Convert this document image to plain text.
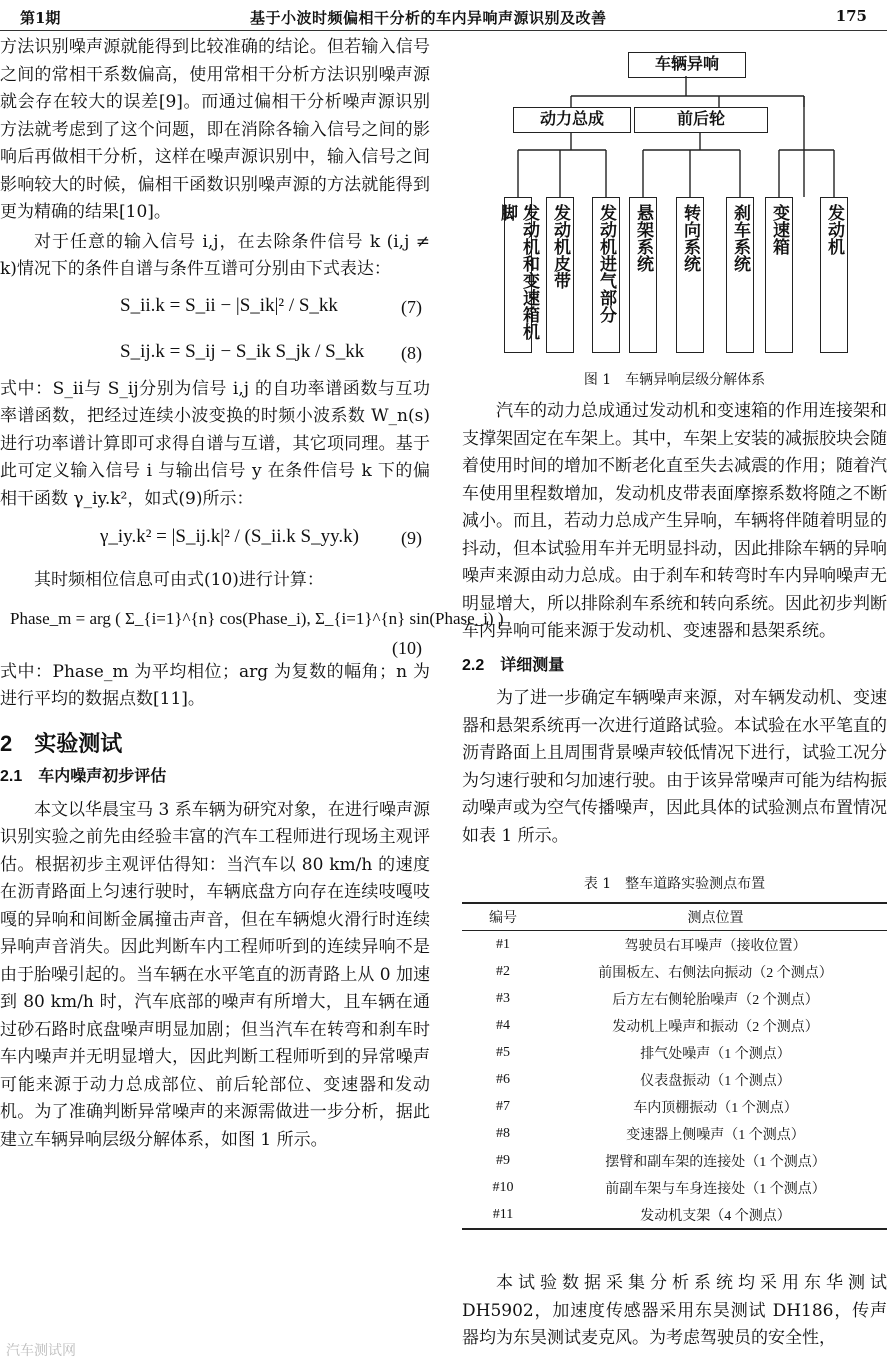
第1期	基于小波时频偏相干分析的车内异响声源识别及改善	175

方法识别噪声源就能得到比较准确的结论。但若输入信号之间的常相干系数偏高，使用常相干分析方法识别噪声源就会存在较大的误差[9]。而通过偏相干分析噪声源识别方法就考虑到了这个问题，即在消除各输入信号之间的影响后再做相干分析，这样在噪声源识别中，输入信号之间影响较大的时候，偏相干函数识别噪声源的方法就能得到更为精确的结果[10]。

对于任意的输入信号 i,j，在去除条件信号 k (i,j ≠ k)情况下的条件自谱与条件互谱可分别由下式表达：

S_ii.k = S_ii − |S_ik|² / S_kk	(7)
S_ij.k = S_ij − S_ik S_jk / S_kk (8)

式中：S_ii与 S_ij分别为信号 i,j 的自功率谱函数与互功率谱函数，把经过连续小波变换的时频小波系数 W_n(s) 进行功率谱计算即可求得自谱与互谱，其它项同理。基于此可定义输入信号 i 与输出信号 y 在条件信号 k 下的偏相干函数 γ_iy.k²，如式(9)所示：

γ_iy.k² = |S_ij.k|² / (S_ii.k S_yy.k) (9)

其时频相位信息可由式(10)进行计算：

Phase_m = arg ( Σ_{i=1}^{n} cos(Phase_i), Σ_{i=1}^{n} sin(Phase_i) )
(10)

式中：Phase_m 为平均相位；arg 为复数的幅角；n 为进行平均的数据点数[11]。

2　实验测试
2.1　车内噪声初步评估

本文以华晨宝马 3 系车辆为研究对象，在进行噪声源识别实验之前先由经验丰富的汽车工程师进行现场主观评估。根据初步主观评估得知：当汽车以 80 km/h 的速度在沥青路面上匀速行驶时，车辆底盘方向存在连续吱嘎吱嘎的异响和间断金属撞击声音，但在车辆熄火滑行时连续异响声音消失。因此判断车内工程师听到的连续异响不是由于胎噪引起的。当车辆在水平笔直的沥青路上从 0 加速到 80 km/h 时，汽车底部的噪声有所增大，且车辆在通过砂石路时底盘噪声明显加剧；但当汽车在转弯和刹车时车内噪声并无明显增大，因此判断工程师听到的异常噪声可能来源于动力总成部位、前后轮部位、变速器和发动机。为了准确判断异常噪声的来源需做进一步分析，据此建立车辆异响层级分解体系，如图 1 所示。

车辆异响
动力总成	前后轮
发动机和变速箱机脚	发动机皮带 发动机进气部分 悬架系统 转向系统 刹车系统 变速箱 发动机
图 1　车辆异响层级分解体系

汽车的动力总成通过发动机和变速箱的作用连接架和支撑架固定在车架上。其中，车架上安装的减振胶块会随着使用时间的增加不断老化直至失去减震的作用；随着汽车使用里程数增加，发动机皮带表面摩擦系数将随之不断减小。而且，若动力总成产生异响，车辆将伴随着明显的抖动，但本试验用车并无明显抖动，因此排除车辆的异响噪声来源由动力总成。由于刹车和转弯时车内异响噪声无明显增大，所以排除刹车系统和转向系统。因此初步判断车内异响可能来源于发动机、变速器和悬架系统。

2.2　详细测量

为了进一步确定车辆噪声来源，对车辆发动机、变速器和悬架系统再一次进行道路试验。本试验在水平笔直的沥青路面上且周围背景噪声较低情况下进行，试验工况分为匀速行驶和匀加速行驶。由于该异常噪声可能为结构振动噪声或为空气传播噪声，因此具体的试验测点布置情况如表 1 所示。

表 1　整车道路实验测点布置
编号	测点位置
#1	驾驶员右耳噪声（接收位置）
#2	前围板左、右侧法向振动（2 个测点）
#3	后方左右侧轮胎噪声（2 个测点）
#4	发动机上噪声和振动（2 个测点）
#5	排气处噪声（1 个测点）
#6	仪表盘振动（1 个测点）
#7	车内顶棚振动（1 个测点）
#8	变速器上侧噪声（1 个测点）
#9	摆臂和副车架的连接处（1 个测点）
#10	前副车架与车身连接处（1 个测点）
#11	发动机支架（4 个测点）

本试验数据采集分析系统均采用东华测试 DH5902，加速度传感器采用东昊测试 DH186，传声器均为东昊测试麦克风。为考虑驾驶员的安全性，

汽车测试网
